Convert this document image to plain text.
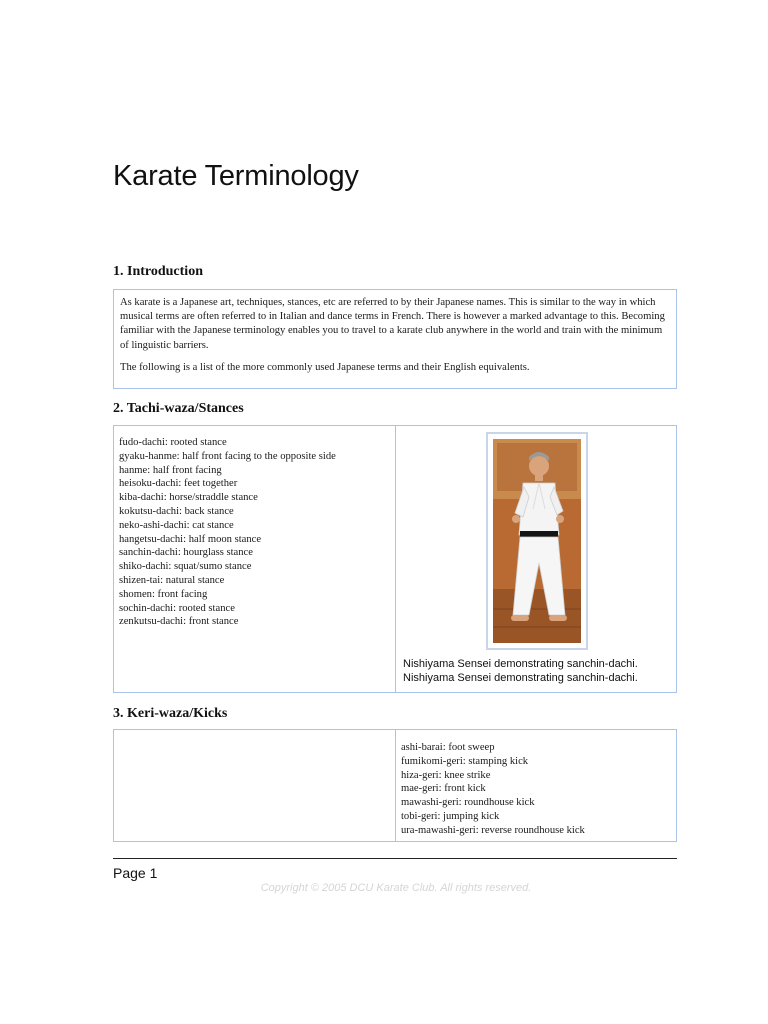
Karate Terminology
1. Introduction

As karate is a Japanese art, techniques, stances, etc are referred to by their Japanese names. This is similar to the way in which musical terms are often referred to in Italian and dance terms in French. There is however a marked advantage to this. Becoming familiar with the Japanese terminology enables you to travel to a karate club anywhere in the world and train with the minimum of linguistic barriers.

The following is a list of the more commonly used Japanese terms and their English equivalents.

2. Tachi-waza/Stances
fudo-dachi: rooted stance
gyaku-hanme: half front facing to the opposite side
hanme: half front facing
heisoku-dachi: feet together
kiba-dachi: horse/straddle stance
kokutsu-dachi: back stance
neko-ashi-dachi: cat stance
hangetsu-dachi: half moon stance
sanchin-dachi: hourglass stance
shiko-dachi: squat/sumo stance
shizen-tai: natural stance
shomen: front facing
sochin-dachi: rooted stance
zenkutsu-dachi: front stance
Nishiyama Sensei demonstrating sanchin-dachi.
Nishiyama Sensei demonstrating sanchin-dachi.
3. Keri-waza/Kicks
ashi-barai: foot sweep
fumikomi-geri: stamping kick
hiza-geri: knee strike
mae-geri: front kick
mawashi-geri: roundhouse kick
tobi-geri: jumping kick
ura-mawashi-geri: reverse roundhouse kick
Page 1
Copyright © 2005 DCU Karate Club. All rights reserved.
